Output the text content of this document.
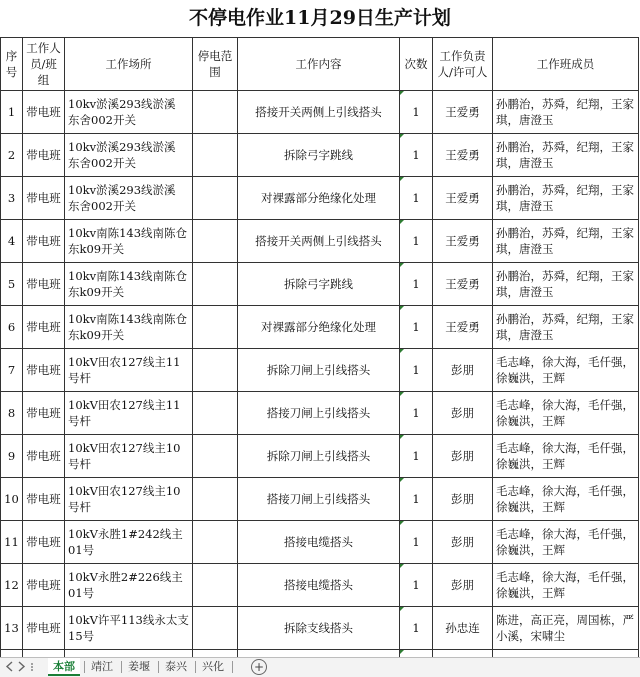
不停电作业11月29日生产计划
序号	工作人员/班组	工作场所	停电范围	工作内容	次数	工作负责人/许可人	工作班成员
1	带电班	10kv淤溪293线淤溪 东舍002开关		搭接开关两侧上引线搭头	1	王爱勇	孙鹏治，苏舜，纪翔，王家琪，唐澄玉
2	带电班	10kv淤溪293线淤溪 东舍002开关		拆除弓字跳线	1	王爱勇	孙鹏治，苏舜，纪翔，王家琪，唐澄玉
3	带电班	10kv淤溪293线淤溪 东舍002开关		对裸露部分绝缘化处理	1	王爱勇	孙鹏治，苏舜，纪翔，王家琪，唐澄玉
4	带电班	10kv南陈143线南陈仓东k09开关		搭接开关两侧上引线搭头	1	王爱勇	孙鹏治，苏舜，纪翔，王家琪，唐澄玉
5	带电班	10kv南陈143线南陈仓东k09开关		拆除弓字跳线	1	王爱勇	孙鹏治，苏舜，纪翔，王家琪，唐澄玉
6	带电班	10kv南陈143线南陈仓东k09开关		对裸露部分绝缘化处理	1	王爱勇	孙鹏治，苏舜，纪翔，王家琪，唐澄玉
7	带电班	10kV田农127线主11号杆		拆除刀闸上引线搭头	1	彭朋	毛志峰，徐大海，毛仟强，徐巍洪，王辉
8	带电班	10kV田农127线主11号杆		搭接刀闸上引线搭头	1	彭朋	毛志峰，徐大海，毛仟强，徐巍洪，王辉
9	带电班	10kV田农127线主10号杆		拆除刀闸上引线搭头	1	彭朋	毛志峰，徐大海，毛仟强，徐巍洪，王辉
10	带电班	10kV田农127线主10号杆		搭接刀闸上引线搭头	1	彭朋	毛志峰，徐大海，毛仟强，徐巍洪，王辉
11	带电班	10kV永胜1#242线主01号		搭接电缆搭头	1	彭朋	毛志峰，徐大海，毛仟强，徐巍洪，王辉
12	带电班	10kV永胜2#226线主01号		搭接电缆搭头	1	彭朋	毛志峰，徐大海，毛仟强，徐巍洪，王辉
13	带电班	10kV许平113线永太支15号		拆除支线搭头	1	孙忠连	陈进，高正亮，周国栋，严小溪，宋啸尘

本部	靖江	姜堰	泰兴	兴化	+
